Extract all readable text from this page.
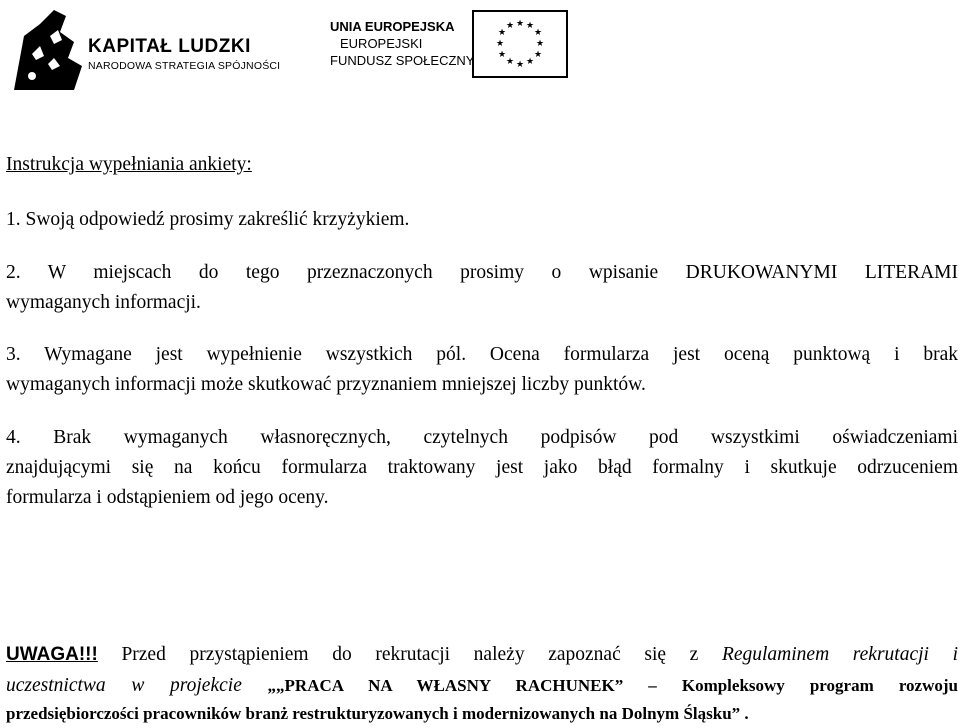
KAPITAŁ LUDZKI
NARODOWA STRATEGIA SPÓJNOŚCI
UNIA EUROPEJSKA
EUROPEJSKI
FUNDUSZ SPOŁECZNY
★ ★
★
★
★
★
★
★
★
★
★
★
Instrukcja wypełniania ankiety:
1. Swoją odpowiedź prosimy zakreślić krzyżykiem.
2. W miejscach do tego przeznaczonych prosimy o wpisanie DRUKOWANYMI LITERAMI
wymaganych informacji.
3. Wymagane jest wypełnienie wszystkich pól. Ocena formularza jest oceną punktową i brak
wymaganych informacji może skutkować przyznaniem mniejszej liczby punktów.
4. Brak wymaganych własnoręcznych, czytelnych podpisów pod wszystkimi oświadczeniami
znajdującymi się na końcu formularza traktowany jest jako błąd formalny i skutkuje odrzuceniem
formularza i odstąpieniem od jego oceny.
UWAGA!!! Przed przystąpieniem do rekrutacji należy zapoznać się z Regulaminem rekrutacji i
uczestnictwa w projekcie „„PRACA NA WŁASNY RACHUNEK” – Kompleksowy program rozwoju
przedsiębiorczości pracowników branż restrukturyzowanych i modernizowanych na Dolnym Śląsku” .
